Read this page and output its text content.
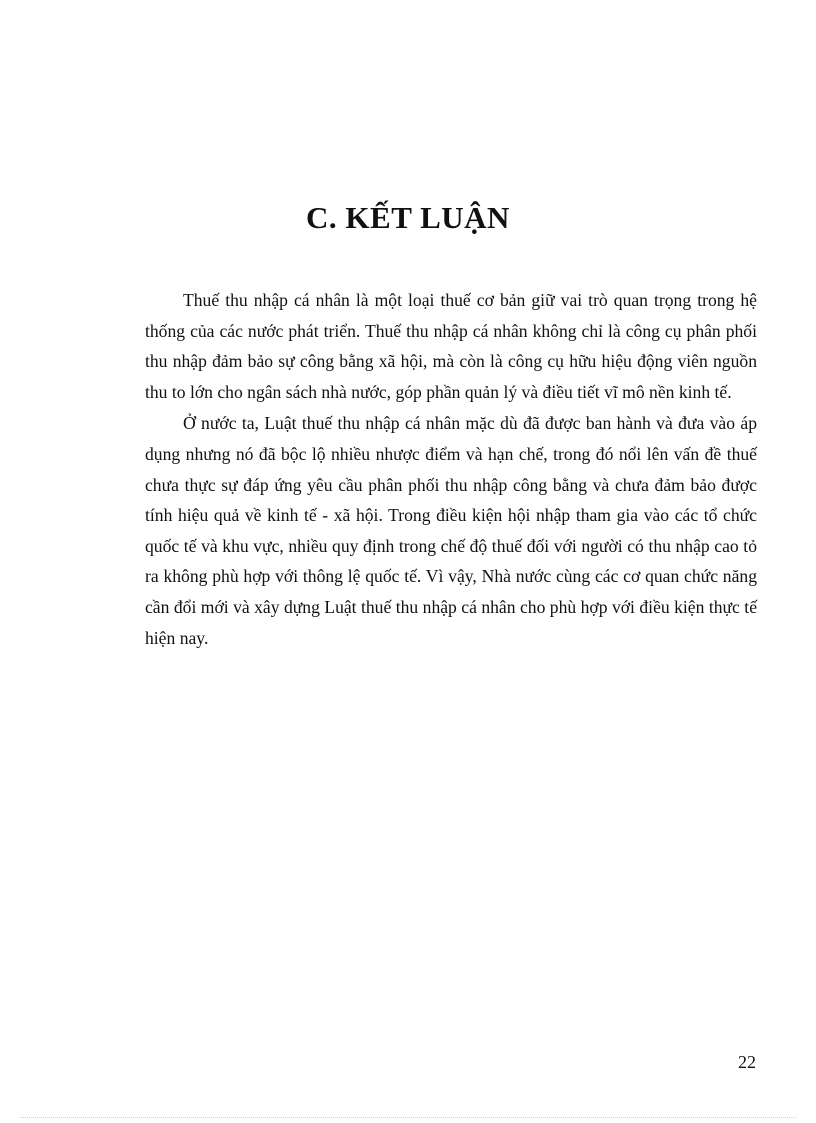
C. KẾT LUẬN

Thuế thu nhập cá nhân là một loại thuế cơ bản giữ vai trò quan trọng trong hệ thống của các nước phát triển. Thuế thu nhập cá nhân không chỉ là công cụ phân phối thu nhập đảm bảo sự công bằng xã hội, mà còn là công cụ hữu hiệu động viên nguồn thu to lớn cho ngân sách nhà nước, góp phần quản lý và điều tiết vĩ mô nền kinh tế.

Ở nước ta, Luật thuế thu nhập cá nhân mặc dù đã được ban hành và đưa vào áp dụng nhưng nó đã bộc lộ nhiều nhược điểm và hạn chế, trong đó nổi lên vấn đề thuế chưa thực sự đáp ứng yêu cầu phân phối thu nhập công bằng và chưa đảm bảo được tính hiệu quả về kinh tế - xã hội. Trong điều kiện hội nhập tham gia vào các tổ chức quốc tế và khu vực, nhiều quy định trong chế độ thuế đối với người có thu nhập cao tỏ ra không phù hợp với thông lệ quốc tế. Vì vậy, Nhà nước cùng các cơ quan chức năng cần đổi mới và xây dựng Luật thuế thu nhập cá nhân cho phù hợp với điều kiện thực tế hiện nay.

22
